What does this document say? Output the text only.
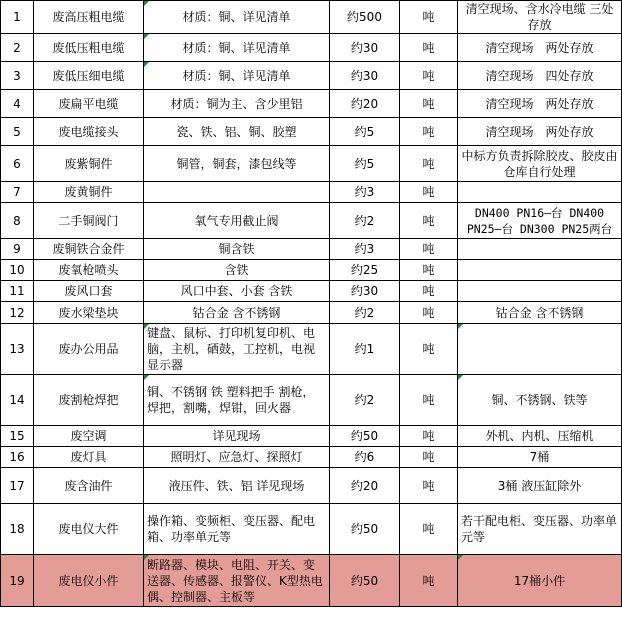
1	废高压粗电缆	材质：铜、详见清单	约500	吨	清空现场、含水冷电缆 三处存放
2	废低压粗电缆	材质：铜、详见清单	约30	吨	清空现场　两处存放
3	废低压细电缆	材质：铜、详见清单	约30	吨	清空现场　四处存放
4	废扁平电缆	材质：铜为主、含少里铝	约20	吨	清空现场　两处存放
5	废电缆接头	瓷、铁、铝、铜、胶塑	约5	吨	清空现场　两处存放
6	废紫铜件	铜管，铜套，漆包线等	约5	吨	中标方负责拆除胶皮、胶皮由仓库自行处理
7	废黄铜件		约3	吨	
8	二手铜阀门	氧气专用截止阀	约2	吨	DN400 PN16—台 DN400 PN25—台 DN300 PN25两台
9	废铜铁合金件	铜含铁	约3	吨	
10	废氧枪喷头	含铁	约25	吨	
11	废风口套	风口中套、小套 含铁	约30	吨	
12	废水梁垫块	钴合金 含不锈钢	约2	吨	钴合金 含不锈钢
13	废办公用品	键盘、鼠标、打印机复印机、电脑，主机，硒鼓，工控机，电视显示器	约1	吨	

14	废割枪焊把	铜、不锈钢 铁 塑料把手 割枪，焊把，割嘴，焊钳，回火器	约2	吨	铜、不锈钢、铁等
15	废空调	详见现场	约50	吨	外机、内机、压缩机
16	废灯具	照明灯、应急灯、探照灯	约6	吨	7桶
17	废含油件	液压件、铁、铝 详见现场	约20	吨	3桶 液压缸除外
18	废电仪大件	操作箱、变频柜、变压器、配电箱、功率单元等	约50	吨	若干配电柜、变压器、功率单元等
19	废电仪小件	断路器、模块、电阻、开关、变送器、传感器、报警仪、K型热电偶、控制器、主板等	约50	吨	17桶小件
